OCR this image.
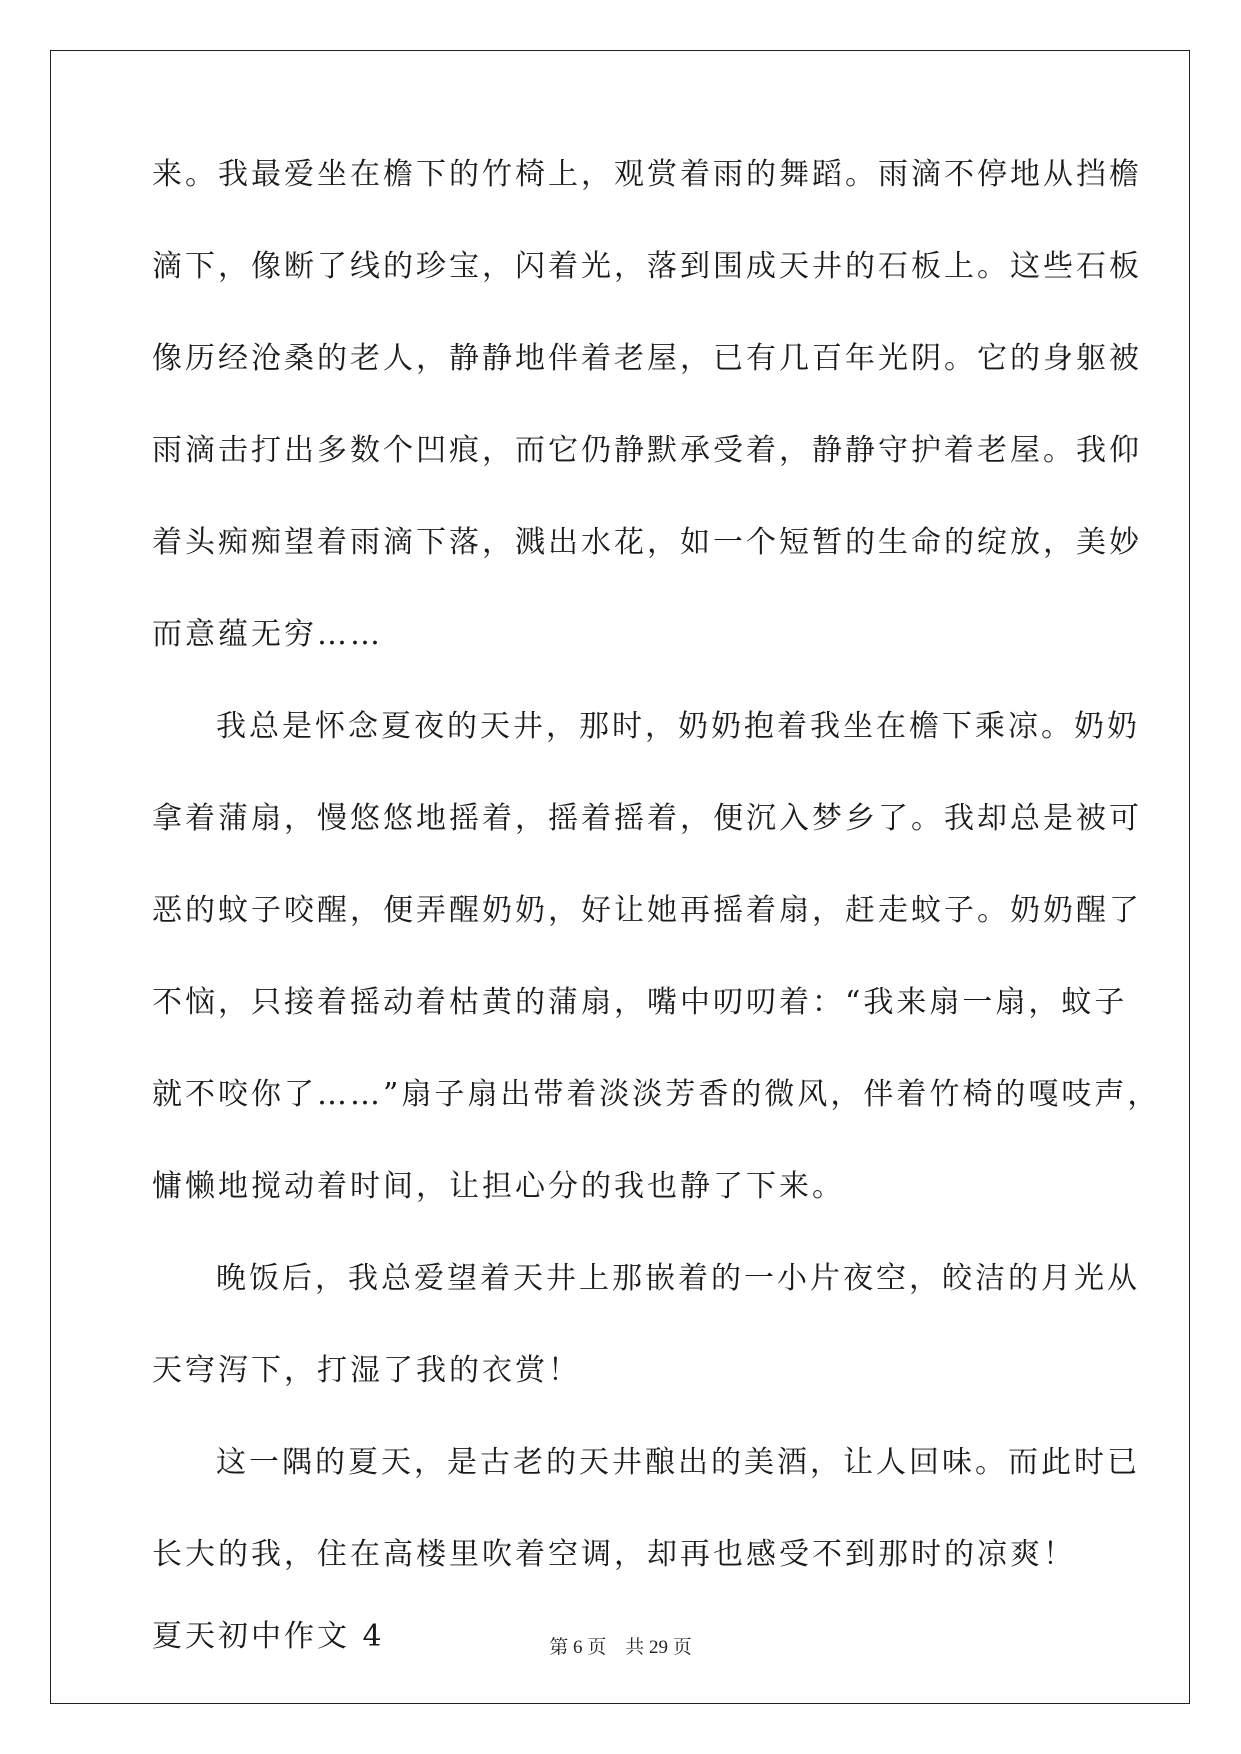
来。我最爱坐在檐下的竹椅上，观赏着雨的舞蹈。雨滴不停地从挡檐
滴下，像断了线的珍宝，闪着光，落到围成天井的石板上。这些石板
像历经沧桑的老人，静静地伴着老屋，已有几百年光阴。它的身躯被
雨滴击打出多数个凹痕，而它仍静默承受着，静静守护着老屋。我仰
着头痴痴望着雨滴下落，溅出水花，如一个短暂的生命的绽放，美妙
而意蕴无穷……
我总是怀念夏夜的天井，那时，奶奶抱着我坐在檐下乘凉。奶奶
拿着蒲扇，慢悠悠地摇着，摇着摇着，便沉入梦乡了。我却总是被可
恶的蚊子咬醒，便弄醒奶奶，好让她再摇着扇，赶走蚊子。奶奶醒了
不恼，只接着摇动着枯黄的蒲扇，嘴中叨叨着：“我来扇一扇，蚊子
就不咬你了……”扇子扇出带着淡淡芳香的微风，伴着竹椅的嘎吱声，
慵懒地搅动着时间，让担心分的我也静了下来。
晚饭后，我总爱望着天井上那嵌着的一小片夜空，皎洁的月光从
天穹泻下，打湿了我的衣赏！
这一隅的夏天，是古老的天井酿出的美酒，让人回味。而此时已
长大的我，住在高楼里吹着空调，却再也感受不到那时的凉爽！
夏天初中作文 4	第 6 页 共 29 页
